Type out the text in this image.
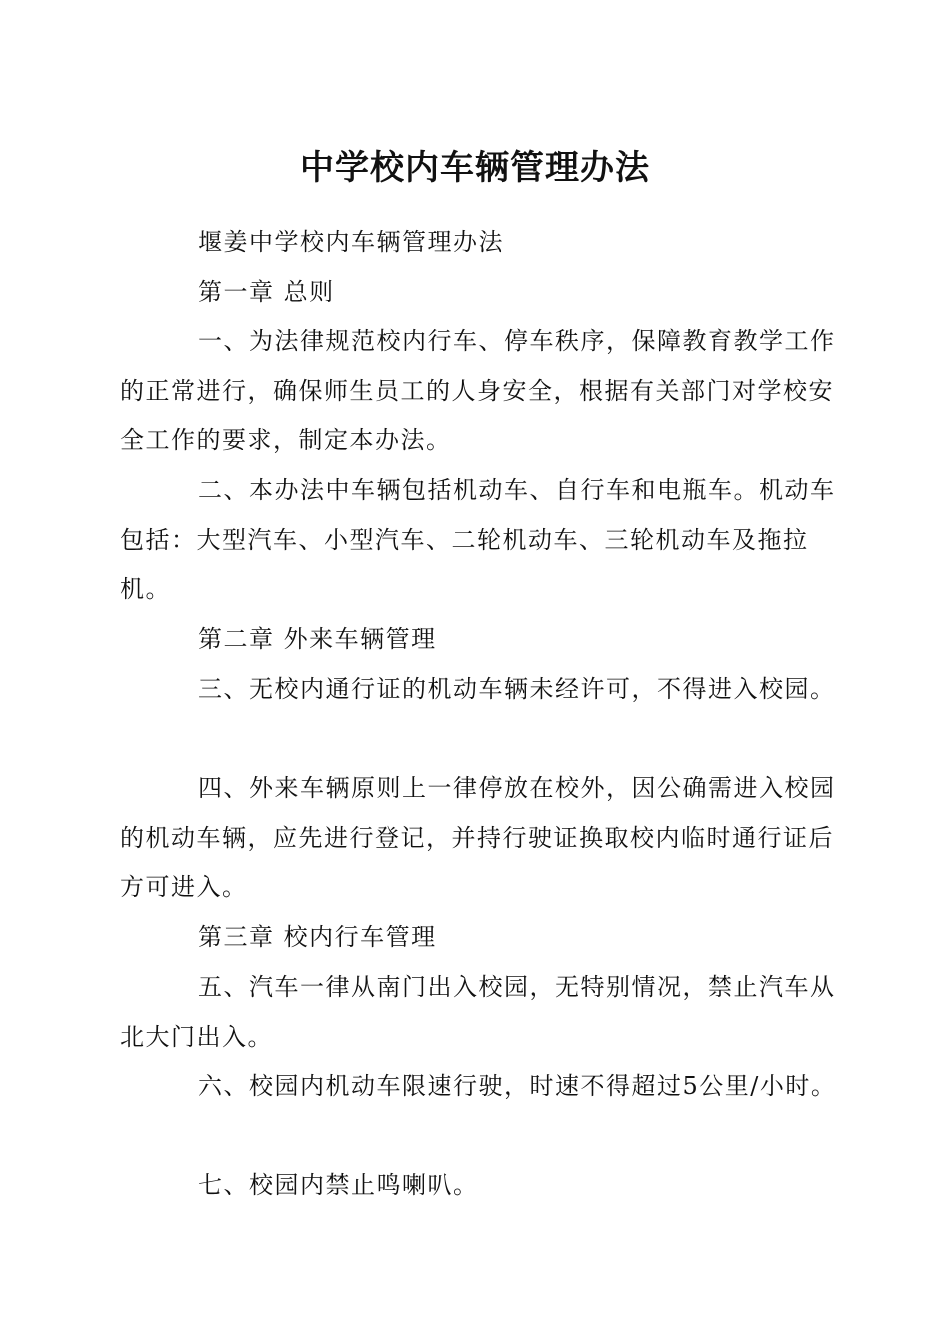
中学校内车辆管理办法

堰姜中学校内车辆管理办法

第一章 总则

一、为法律规范校内行车、停车秩序，保障教育教学工作的正常进行，确保师生员工的人身安全，根据有关部门对学校安全工作的要求，制定本办法。

二、本办法中车辆包括机动车、自行车和电瓶车。机动车包括：大型汽车、小型汽车、二轮机动车、三轮机动车及拖拉机。

第二章 外来车辆管理

三、无校内通行证的机动车辆未经许可，不得进入校园。

四、外来车辆原则上一律停放在校外，因公确需进入校园的机动车辆，应先进行登记，并持行驶证换取校内临时通行证后方可进入。

第三章 校内行车管理

五、汽车一律从南门出入校园，无特别情况，禁止汽车从北大门出入。

六、校园内机动车限速行驶，时速不得超过5公里/小时。

七、校园内禁止鸣喇叭。
